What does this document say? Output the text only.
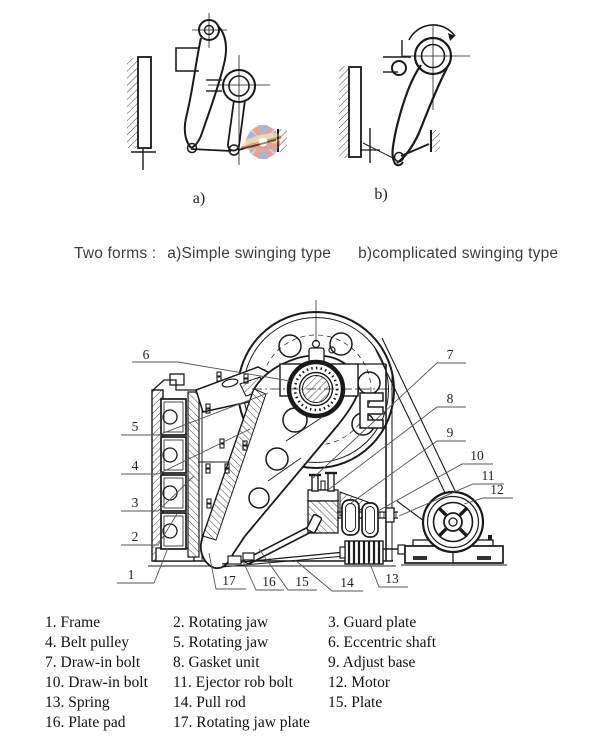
a)	b)
6
5
4
3
2
1
7
8
9
10
11
12
17 16 15 14 13
Two forms : a)Simple swinging type b)complicated swinging type
1. Frame	2. Rotating jaw	3. Guard plate
4. Belt pulley	5. Rotating jaw	6. Eccentric shaft
7. Draw-in bolt	8. Gasket unit	9. Adjust base
10. Draw-in bolt	11. Ejector rob bolt	12. Motor
13. Spring	14. Pull rod	15. Plate
16. Plate pad	17. Rotating jaw plate
